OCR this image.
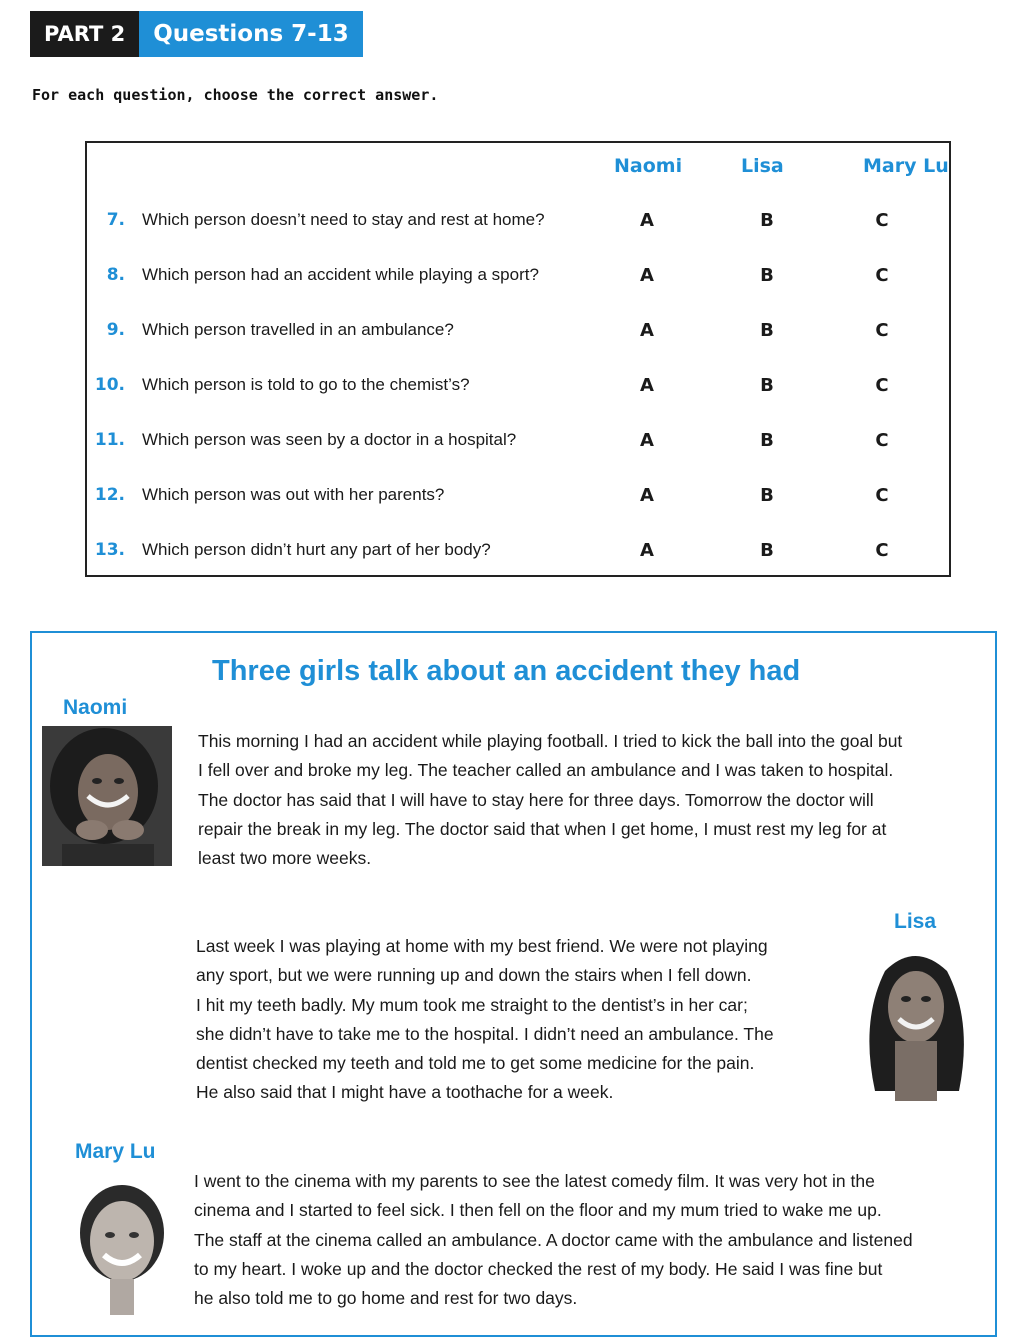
PART 2	Questions 7-13
For each question, choose the correct answer.
Naomi	Lisa	Mary Lu
7. Which person doesn’t need to stay and rest at home?	A	B	C
8. Which person had an accident while playing a sport?	A	B	C
9. Which person travelled in an ambulance?	A	B	C
10. Which person is told to go to the chemist’s?	A	B	C
11. Which person was seen by a doctor in a hospital?	A	B	C
12. Which person was out with her parents?	A	B	C
13. Which person didn’t hurt any part of her body?	A	B	C
Three girls talk about an accident they had
Naomi
This morning I had an accident while playing football. I tried to kick the ball into the goal but
I fell over and broke my leg. The teacher called an ambulance and I was taken to hospital.
The doctor has said that I will have to stay here for three days. Tomorrow the doctor will
repair the break in my leg. The doctor said that when I get home, I must rest my leg for at
least two more weeks.
Lisa
Last week I was playing at home with my best friend. We were not playing
any sport, but we were running up and down the stairs when I fell down.
I hit my teeth badly. My mum took me straight to the dentist’s in her car;
she didn’t have to take me to the hospital. I didn’t need an ambulance. The
dentist checked my teeth and told me to get some medicine for the pain.
He also said that I might have a toothache for a week.
Mary Lu
I went to the cinema with my parents to see the latest comedy film. It was very hot in the
cinema and I started to feel sick. I then fell on the floor and my mum tried to wake me up.
The staff at the cinema called an ambulance. A doctor came with the ambulance and listened
to my heart. I woke up and the doctor checked the rest of my body. He said I was fine but
he also told me to go home and rest for two days.
